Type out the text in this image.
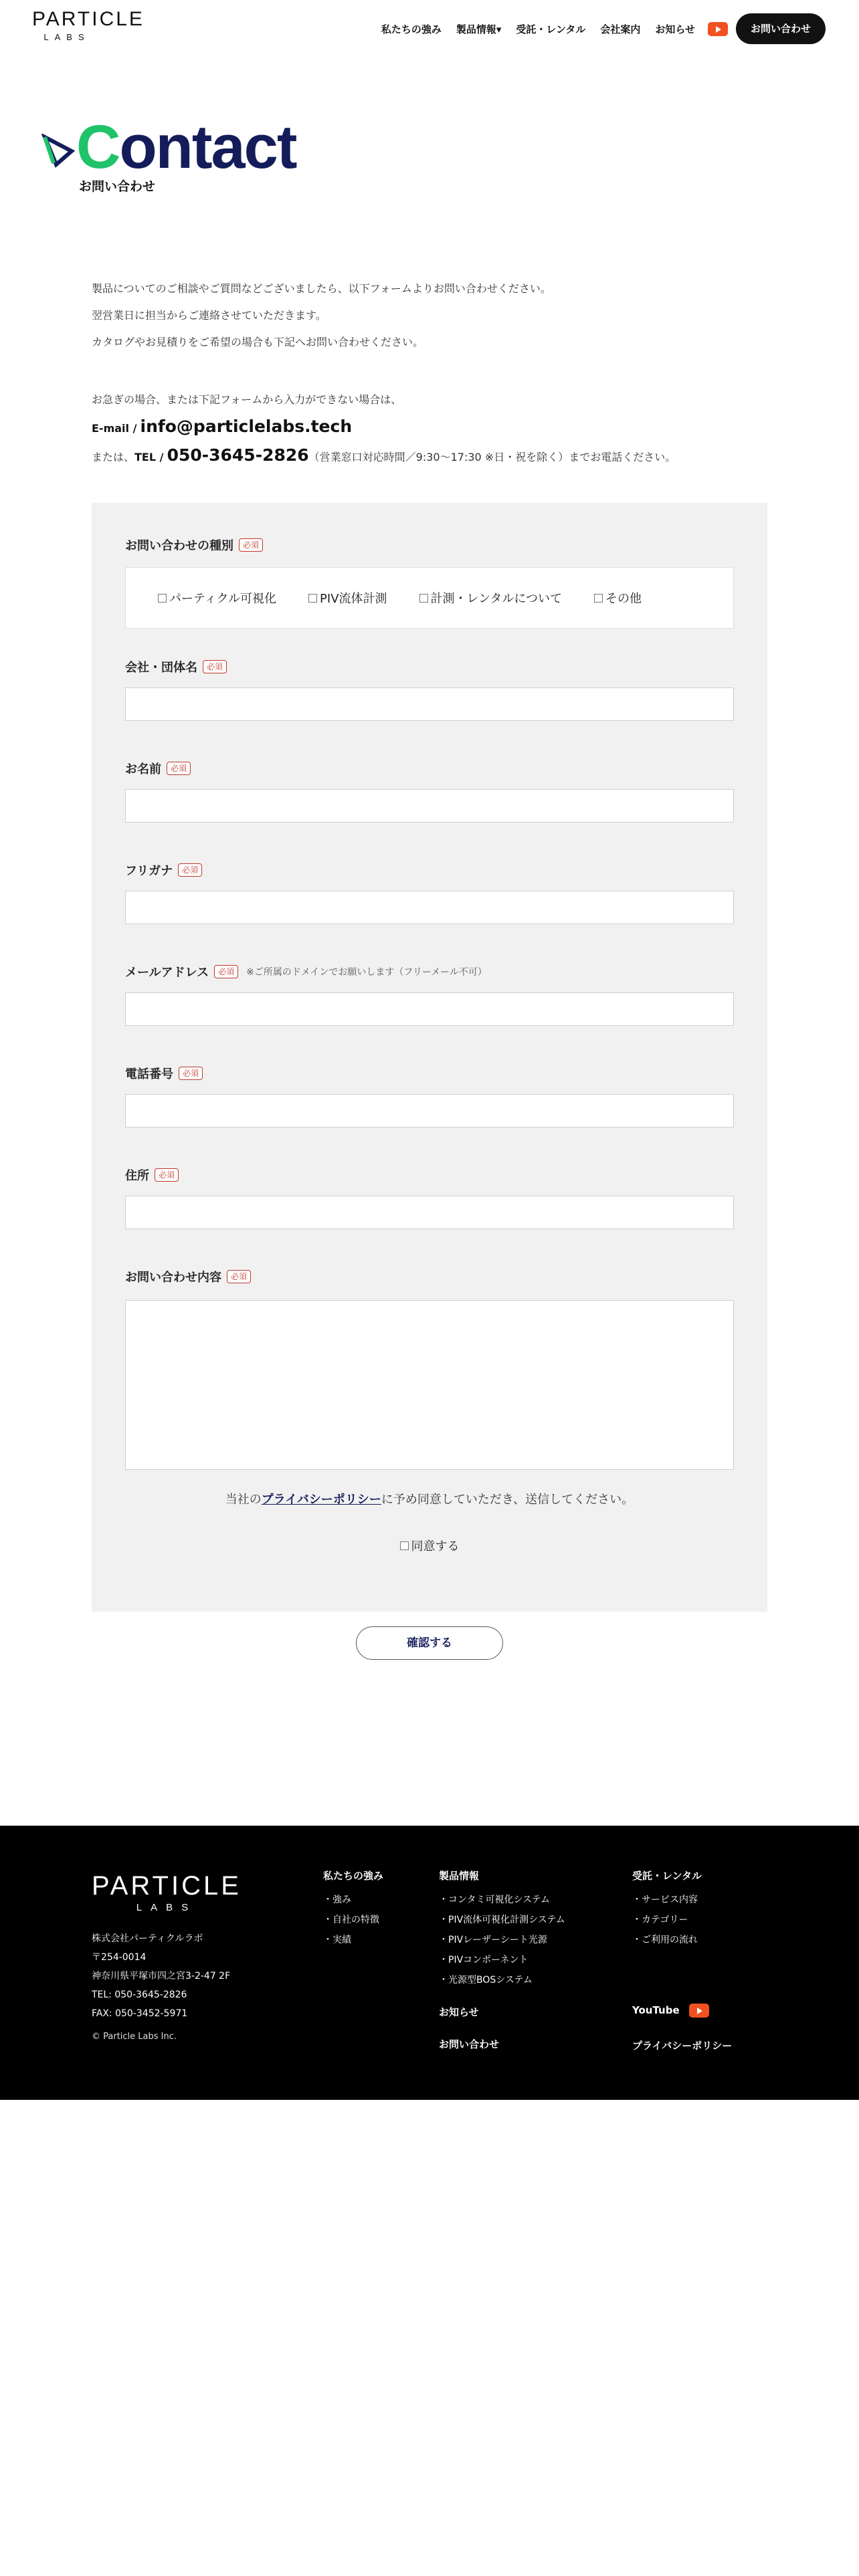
PARTICLE
LABS
私たちの強み	製品情報▾	受託・レンタル	会社案内	お知らせ	お問い合わせ
Contact
お問い合わせ

製品についてのご相談やご質問などございましたら、以下フォームよりお問い合わせください。

翌営業日に担当からご連絡させていただきます。

カタログやお見積りをご希望の場合も下記へお問い合わせください。

お急ぎの場合、または下記フォームから入力ができない場合は、

E-mail / info@particlelabs.tech

または、TEL / 050-3645-2826（営業窓口対応時間／9:30〜17:30 ※日・祝を除く）までお電話ください。

お問い合わせの種別	必須
パーティクル可視化	PIV流体計測	計測・レンタルについて	その他
会社・団体名	必須
お名前	必須
フリガナ	必須
メールアドレス	必須	※ご所属のドメインでお願いします（フリーメール不可）
電話番号	必須
住所	必須
お問い合わせ内容	必須
当社のプライバシーポリシーに予め同意していただき、送信してください。
同意する
確認する
PARTICLE
LABS
株式会社パーティクルラボ
〒254-0014
神奈川県平塚市四之宮3-2-47 2F
TEL: 050-3645-2826
FAX: 050-3452-5971
© Particle Labs Inc.
私たちの強み
・強み
・自社の特徴
・実績
製品情報
・コンタミ可視化システム
・PIV流体可視化計測システム
・PIVレーザーシート光源
・PIVコンポーネント
・光源型BOSシステム
お知らせ
お問い合わせ
受託・レンタル
・サービス内容
・カテゴリー
・ご利用の流れ
YouTube
プライバシーポリシー
